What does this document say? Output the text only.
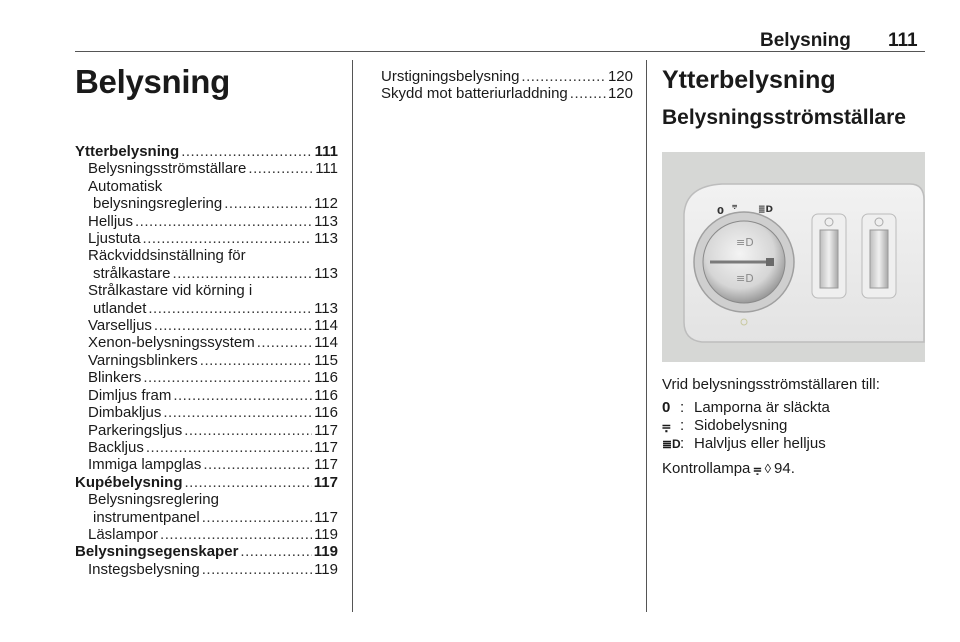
Belysning 111
Belysning
Ytterbelysning .....	111
Belysningsströmställare .....	111
Automatisk
belysningsreglering .....	112
Helljus .....	113
Ljustuta .....	113
Räckviddsinställning för
strålkastare .....	113
Strålkastare vid körning i
utlandet .....	113
Varselljus .....	114
Xenon-belysningssystem .....	114
Varningsblinkers .....	115
Blinkers .....	116
Dimljus fram .....	116
Dimbakljus .....	116
Parkeringsljus .....	117
Backljus .....	117
Immiga lampglas .....	117
Kupébelysning .....	117
Belysningsreglering
instrumentpanel .....	117
Läslampor .....	119
Belysningsegenskaper .....	119
Instegsbelysning .....	119
Urstigningsbelysning .....	120
Skydd mot batteriurladdning .....	120 Ytterbelysning
Belysningsströmställare
≡D
≡D
0 ⩦ ≣D
Vrid belysningsströmställaren till:
0 : Lamporna är släckta
⩦ : Sidobelysning
≣D : Halvljus eller helljus
Kontrollampa ⩦ ◊ 94.
